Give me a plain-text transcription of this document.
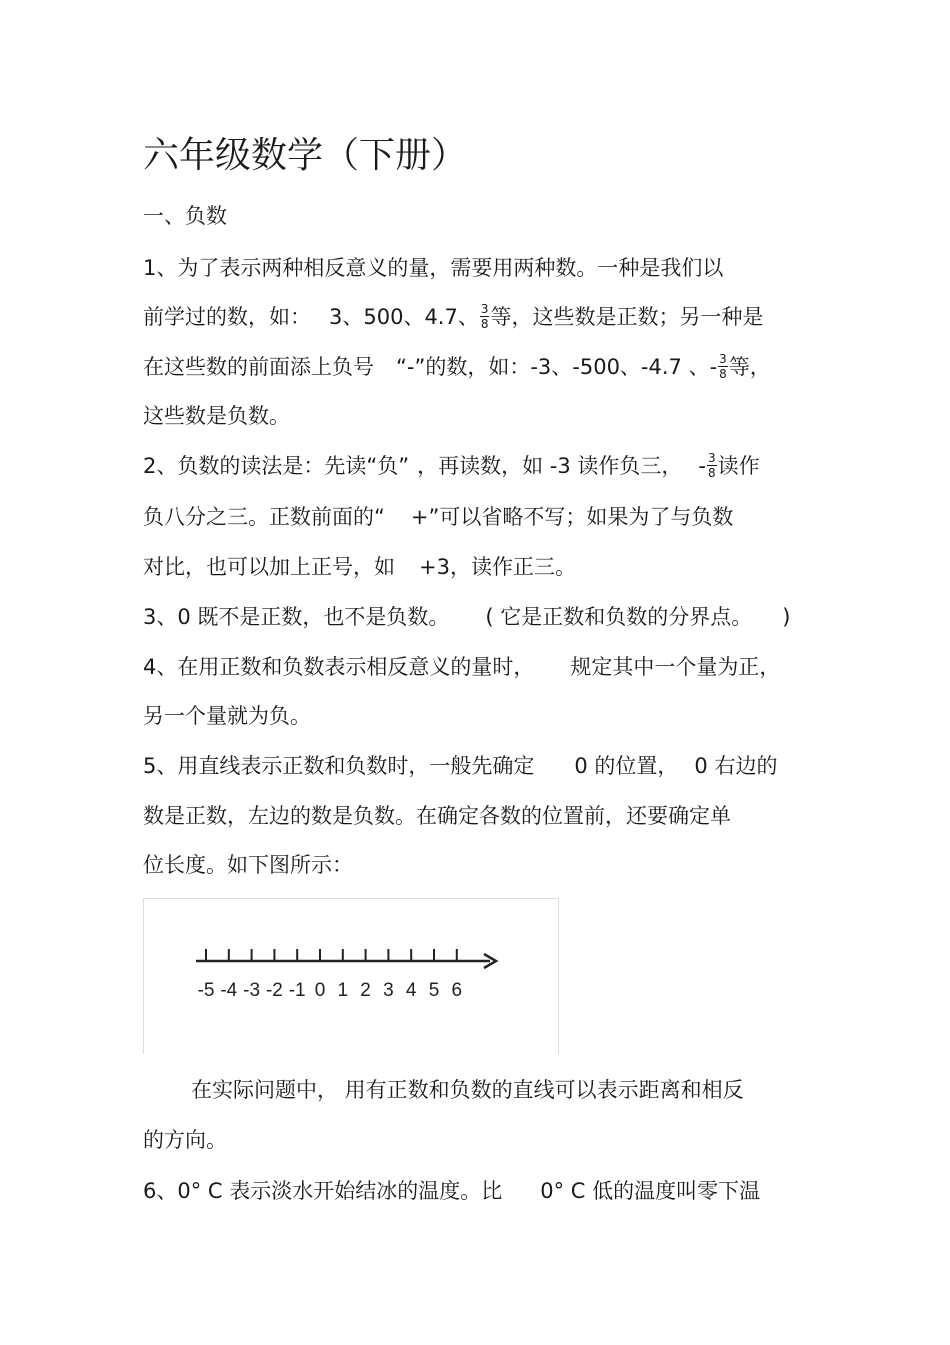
六年级数学（下册）
一、负数
1、为了表示两种相反意义的量，需要用两种数。一种是我们以
前学过的数，如： 3、500、4.7、 $\frac{3}{8}$ 等，这些数是正数；另一种是
在这些数的前面添上负号 “-”的数，如：-3、-500、-4.7 、- $\frac{3}{8}$ 等，
这些数是负数。
2、负数的读法是：先读“负” ，再读数，如 -3 读作负三， - $\frac{3}{8}$ 读作
负八分之三。正数前面的“ +”可以省略不写；如果为了与负数
对比，也可以加上正号，如 +3，读作正三。
3、0 既不是正数，也不是负数。 ( 它是正数和负数的分界点。 )
4、在用正数和负数表示相反意义的量时， 规定其中一个量为正，
另一个量就为负。
5、用直线表示正数和负数时，一般先确定 0 的位置， 0 右边的
数是正数，左边的数是负数。在确定各数的位置前，还要确定单
位长度。如下图所示：
-5 -4 -3 -2 -1 0 1 2 3 4 5 6
在实际问题中， 用有正数和负数的直线可以表示距离和相反
的方向。
6、0° C 表示淡水开始结冰的温度。比 0° C 低的温度叫零下温
